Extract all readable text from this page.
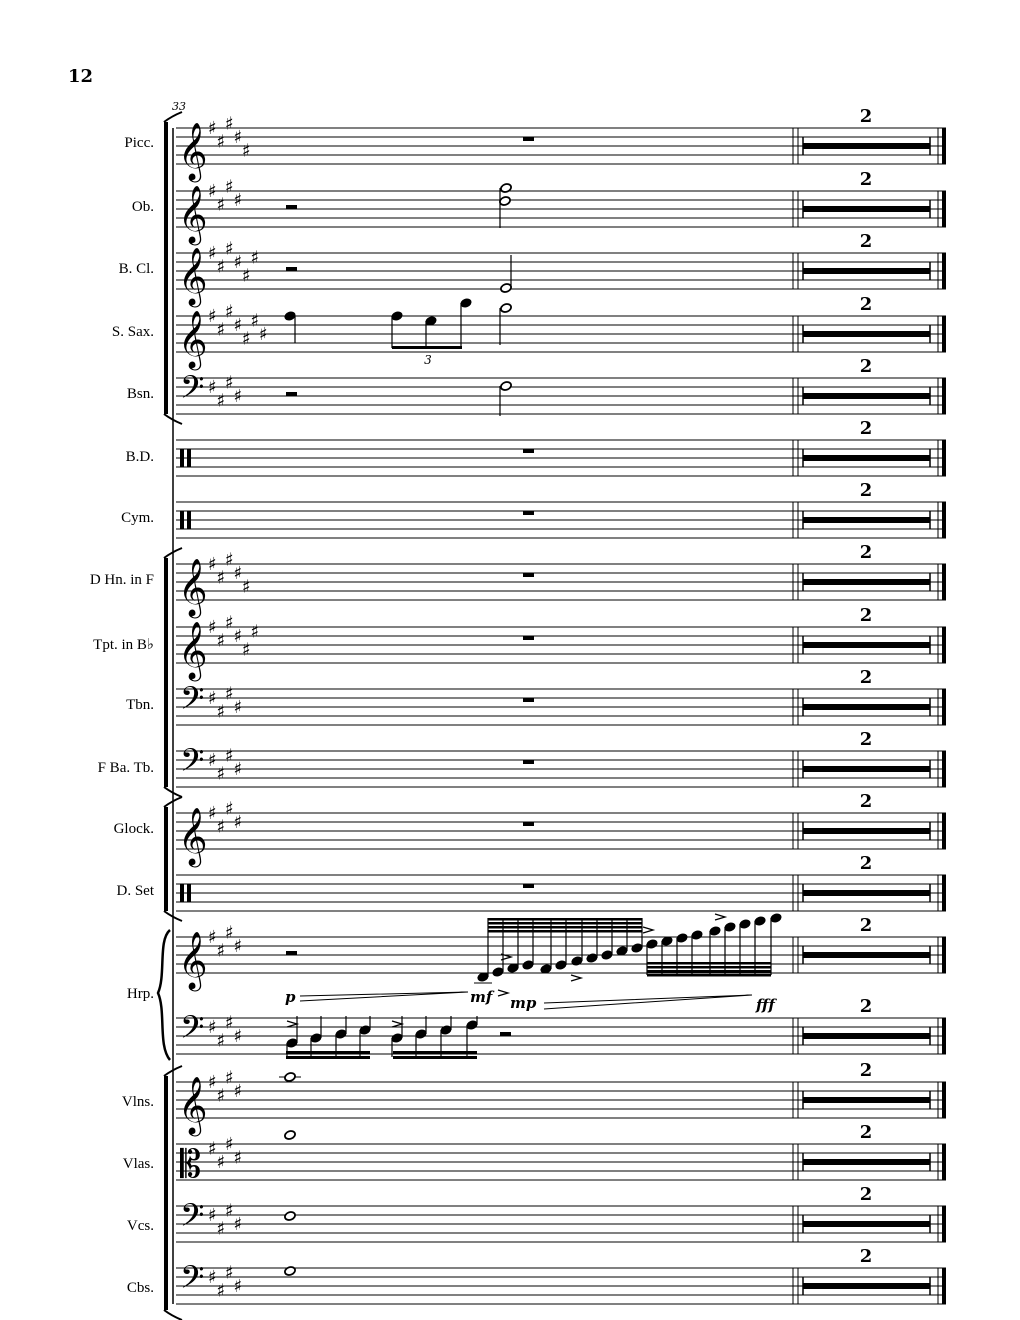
12
33
Picc.
Ob.
B. Cl.
S. Sax.
Bsn.
B.D.
Cym.
D Hn. in F
Tpt. in B♭
Tbn.
F Ba. Tb.
Glock.
D. Set
Hrp.
Vlns.
Vlas.
Vcs.
Cbs.
𝄞 ♯
♯
♯
♯
♯
2
𝄞 ♯
♯
♯
♯
2
𝄞 ♯
♯
♯
♯
♯
♯
2
𝄞 ♯
♯
♯
♯
♯
♯
♯
2
𝄢 ♯
♯
♯
♯
2
2
2
𝄞 ♯
♯
♯
♯
♯
2
𝄞 ♯
♯
♯
♯
♯
♯
2
𝄢 ♯
♯
♯
♯
2
𝄢 ♯
♯
♯
♯
2
𝄞 ♯
♯
♯
♯
2
2
𝄞 ♯
♯
♯
♯
2
𝄢 ♯
♯
♯
♯
2
𝄞 ♯
♯
♯
♯
2
𝄡 ♯
♯
♯
♯
2
𝄢 ♯
♯
♯
♯
2
𝄢 ♯
♯
♯
♯
2
3
p	mf mp	fff
